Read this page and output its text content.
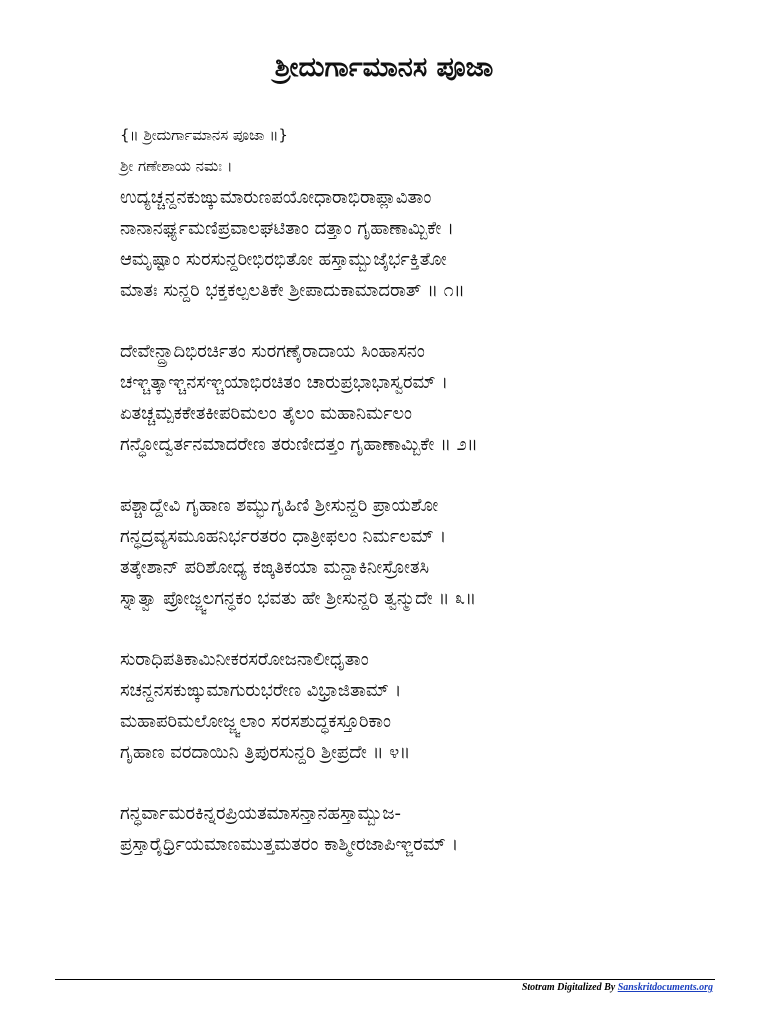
ಶ್ರೀದುರ್ಗಾಮಾನಸ ಪೂಜಾ
{॥ ಶ್ರೀದುರ್ಗಾಮಾನಸ ಪೂಜಾ ॥}
ಶ್ರೀ ಗಣೇಶಾಯ ನಮಃ ।
ಉದ್ಯಚ್ಚನ್ದನಕುಙ್ಕುಮಾರುಣಪಯೋಧಾರಾಭಿರಾಪ್ಲಾವಿತಾಂ
ನಾನಾನರ್ಘ್ಯಮಣಿಪ್ರವಾಲಘಟಿತಾಂ ದತ್ತಾಂ ಗೃಹಾಣಾಮ್ಬಿಕೇ ।
ಆಮೃಷ್ಟಾಂ ಸುರಸುನ್ದರೀಭಿರಭಿತೋ ಹಸ್ತಾಮ್ಬುಜೈರ್ಭಕ್ತಿತೋ
ಮಾತಃ ಸುನ್ದರಿ ಭಕ್ತಕಲ್ಪಲತಿಕೇ ಶ್ರೀಪಾದುಕಾಮಾದರಾತ್ ॥ ೧॥
ದೇವೇನ್ದ್ರಾದಿಭಿರರ್ಚಿತಂ ಸುರಗಣೈರಾದಾಯ ಸಿಂಹಾಸನಂ
ಚಞ್ಚತ್ಕಾಞ್ಚನಸಞ್ಚಯಾಭಿರಚಿತಂ ಚಾರುಪ್ರಭಾಭಾಸ್ವರಮ್ ।
ಏತಚ್ಚಮ್ಪಕಕೇತಕೀಪರಿಮಲಂ ತೈಲಂ ಮಹಾನಿರ್ಮಲಂ
ಗನ್ಧೋದ್ವರ್ತನಮಾದರೇಣ ತರುಣೀದತ್ತಂ ಗೃಹಾಣಾಮ್ಬಿಕೇ ॥ ೨॥
ಪಶ್ಚಾದ್ದೇವಿ ಗೃಹಾಣ ಶಮ್ಭುಗೃಹಿಣಿ ಶ್ರೀಸುನ್ದರಿ ಪ್ರಾಯಶೋ
ಗನ್ಧದ್ರವ್ಯಸಮೂಹನಿರ್ಭರತರಂ ಧಾತ್ರೀಫಲಂ ನಿರ್ಮಲಮ್ ।
ತತ್ಕೇಶಾನ್ ಪರಿಶೋಧ್ಯ ಕಙ್ಕತಿಕಯಾ ಮನ್ದಾಕಿನೀಸ್ರೋತಸಿ
ಸ್ನಾತ್ವಾ ಪ್ರೋಜ್ಜ್ವಲಗನ್ಧಕಂ ಭವತು ಹೇ ಶ್ರೀಸುನ್ದರಿ ತ್ವನ್ಮುದೇ ॥ ೩॥
ಸುರಾಧಿಪತಿಕಾಮಿನೀಕರಸರೋಜನಾಲೀಧೃತಾಂ
ಸಚನ್ದನಸಕುಙ್ಕುಮಾಗುರುಭರೇಣ ವಿಭ್ರಾಜಿತಾಮ್ ।
ಮಹಾಪರಿಮಲೋಜ್ಜ್ವಲಾಂ ಸರಸಶುದ್ಧಕಸ್ತೂರಿಕಾಂ
ಗೃಹಾಣ ವರದಾಯಿನಿ ತ್ರಿಪುರಸುನ್ದರಿ ಶ್ರೀಪ್ರದೇ ॥ ೪॥
ಗನ್ಧರ್ವಾಮರಕಿನ್ನರಪ್ರಿಯತಮಾಸನ್ತಾನಹಸ್ತಾಮ್ಬುಜ-
ಪ್ರಸ್ತಾರೈರ್ಧ್ರಿಯಮಾಣಮುತ್ತಮತರಂ ಕಾಶ್ಮೀರಜಾಪಿಞ್ಜರಮ್ ।
Stotram Digitalized By Sanskritdocuments.org
